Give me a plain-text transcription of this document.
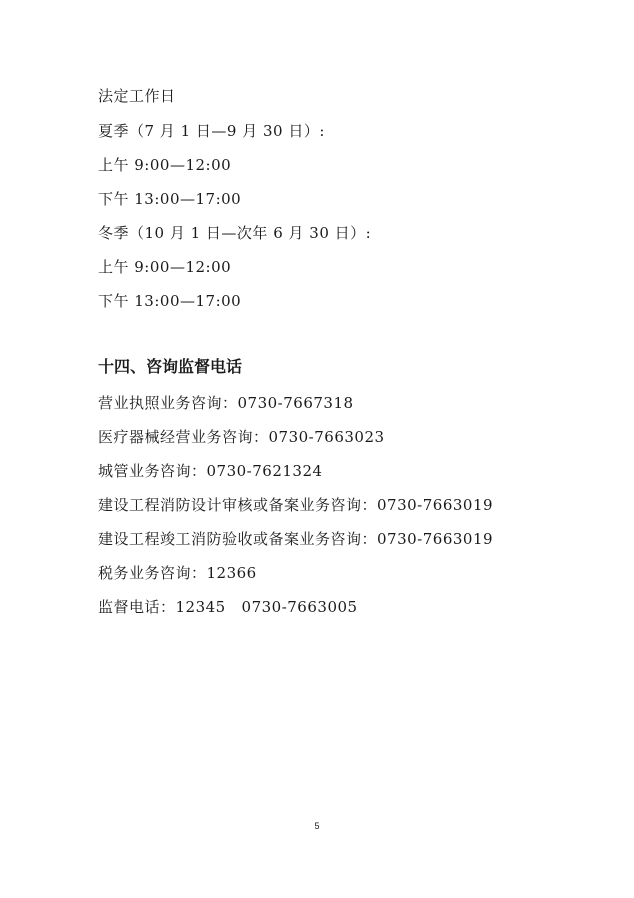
法定工作日
夏季（7 月 1 日—9 月 30 日）:
上午 9:00—12:00
下午 13:00—17:00
冬季（10 月 1 日—次年 6 月 30 日）:
上午 9:00—12:00
下午 13:00—17:00
十四、咨询监督电话
营业执照业务咨询：0730-7667318
医疗器械经营业务咨询：0730-7663023
城管业务咨询：0730-7621324
建设工程消防设计审核或备案业务咨询：0730-7663019
建设工程竣工消防验收或备案业务咨询：0730-7663019
税务业务咨询：12366
监督电话：12345   0730-7663005
5
